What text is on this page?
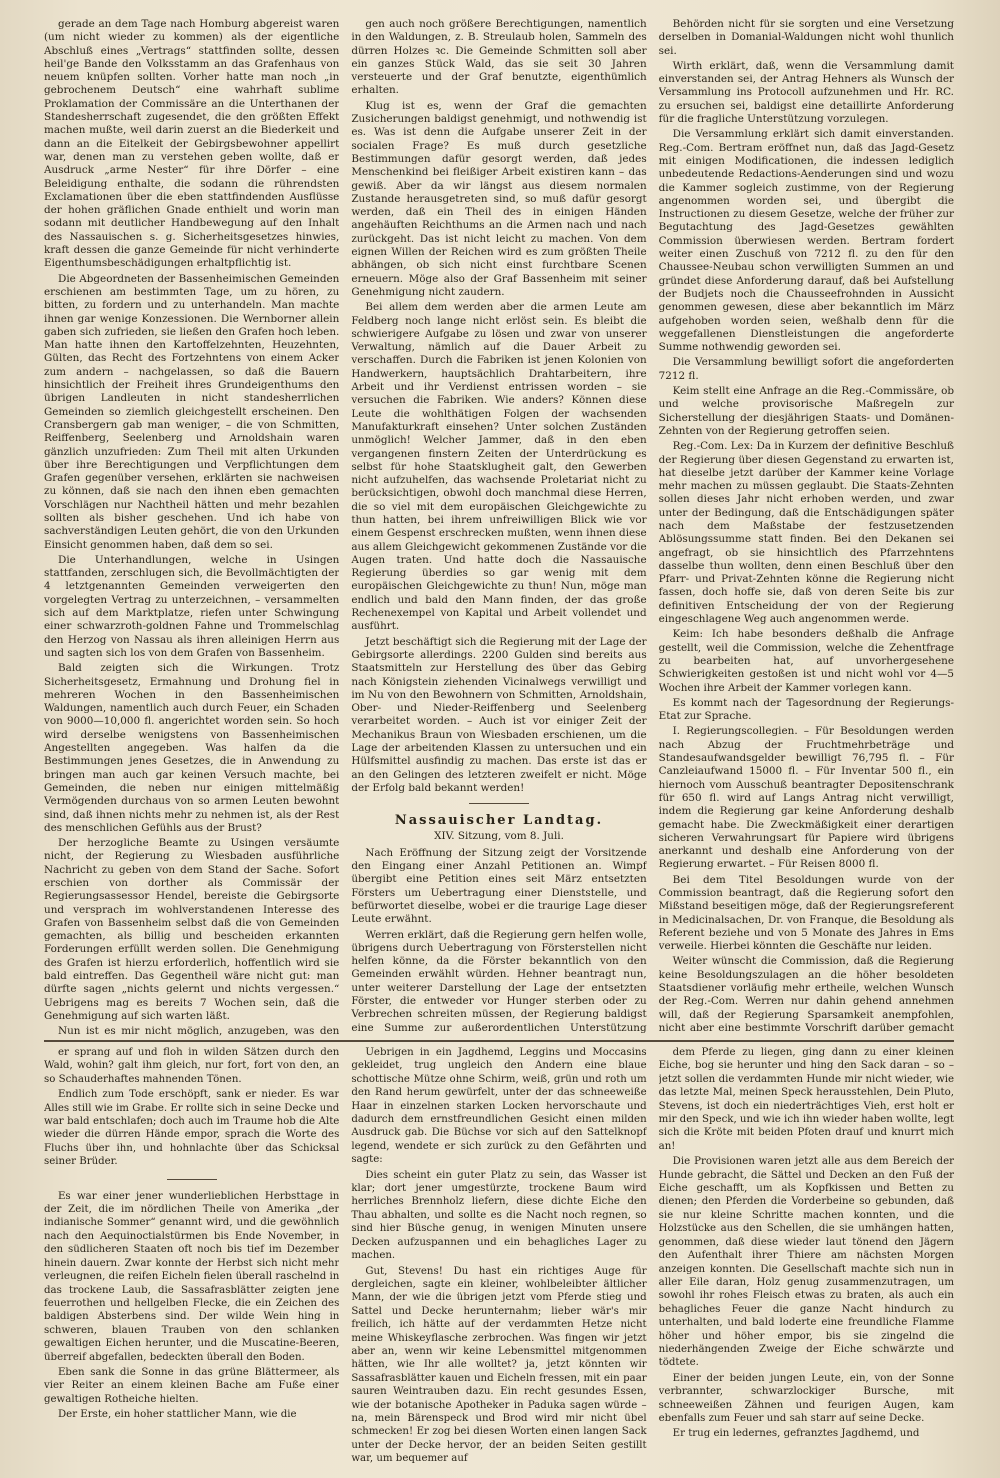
gerade an dem Tage nach Homburg abgereist waren (um nicht wieder zu kommen) als der eigentliche Abschluß eines „Vertrags“ stattfinden sollte, dessen heil'ge Bande den Volksstamm an das Grafenhaus von neuem knüpfen sollten. Vorher hatte man noch „in gebrochenem Deutsch“ eine wahrhaft sublime Proklamation der Commissäre an die Unterthanen der Standesherrschaft zugesendet, die den größten Effekt machen mußte, weil darin zuerst an die Biederkeit und dann an die Eitelkeit der Gebirgsbewohner appellirt war, denen man zu verstehen geben wollte, daß er Ausdruck „arme Nester“ für ihre Dörfer – eine Beleidigung enthalte, die sodann die rührendsten Exclamationen über die eben stattfindenden Ausflüsse der hohen gräflichen Gnade enthielt und worin man sodann mit deutlicher Handbewegung auf den Inhalt des Nassauischen s. g. Sicherheitsgesetzes hinwies, kraft dessen die ganze Gemeinde für nicht verhinderte Eigenthumsbeschädigungen erhaltpflichtig ist.

Die Abgeordneten der Bassenheimischen Gemeinden erschienen am bestimmten Tage, um zu hören, zu bitten, zu fordern und zu unterhandeln. Man machte ihnen gar wenige Konzessionen. Die Wernborner allein gaben sich zufrieden, sie ließen den Grafen hoch leben. Man hatte ihnen den Kartoffelzehnten, Heuzehnten, Gülten, das Recht des Fortzehntens von einem Acker zum andern – nachgelassen, so daß die Bauern hinsichtlich der Freiheit ihres Grundeigenthums den übrigen Landleuten in nicht standesherrlichen Gemeinden so ziemlich gleichgestellt erscheinen. Den Cransbergern gab man weniger, – die von Schmitten, Reiffenberg, Seelenberg und Arnoldshain waren gänzlich unzufrieden: Zum Theil mit alten Urkunden über ihre Berechtigungen und Verpflichtungen dem Grafen gegenüber versehen, erklärten sie nachweisen zu können, daß sie nach den ihnen eben gemachten Vorschlägen nur Nachtheil hätten und mehr bezahlen sollten als bisher geschehen. Und ich habe von sachverständigen Leuten gehört, die von den Urkunden Einsicht genommen haben, daß dem so sei.

Die Unterhandlungen, welche in Usingen stattfanden, zerschlugen sich, die Bevollmächtigten der 4 letztgenannten Gemeinden verweigerten den vorgelegten Vertrag zu unterzeichnen, – versammelten sich auf dem Marktplatze, riefen unter Schwingung einer schwarzroth-goldnen Fahne und Trommelschlag den Herzog von Nassau als ihren alleinigen Herrn aus und sagten sich los von dem Grafen von Bassenheim.

Bald zeigten sich die Wirkungen. Trotz Sicherheitsgesetz, Ermahnung und Drohung fiel in mehreren Wochen in den Bassenheimischen Waldungen, namentlich auch durch Feuer, ein Schaden von 9000—10,000 fl. angerichtet worden sein. So hoch wird derselbe wenigstens von Bassenheimischen Angestellten angegeben. Was halfen da die Bestimmungen jenes Gesetzes, die in Anwendung zu bringen man auch gar keinen Versuch machte, bei Gemeinden, die neben nur einigen mittelmäßig Vermögenden durchaus von so armen Leuten bewohnt sind, daß ihnen nichts mehr zu nehmen ist, als der Rest des menschlichen Gefühls aus der Brust?

Der herzogliche Beamte zu Usingen versäumte nicht, der Regierung zu Wiesbaden ausführliche Nachricht zu geben von dem Stand der Sache. Sofort erschien von dorther als Commissär der Regierungsassessor Hendel, bereiste die Gebirgsorte und versprach im wohlverstandenen Interesse des Grafen von Bassenheim selbst daß die von Gemeinden gemachten, als billig und bescheiden erkannten Forderungen erfüllt werden sollen. Die Genehmigung des Grafen ist hierzu erforderlich, hoffentlich wird sie bald eintreffen. Das Gegentheil wäre nicht gut: man dürfte sagen „nichts gelernt und nichts vergessen.“ Uebrigens mag es bereits 7 Wochen sein, daß die Genehmigung auf sich warten läßt.

Nun ist es mir nicht möglich, anzugeben, was den

gen auch noch größere Berechtigungen, namentlich in den Waldungen, z. B. Streulaub holen, Sammeln des dürren Holzes ꝛc. Die Gemeinde Schmitten soll aber ein ganzes Stück Wald, das sie seit 30 Jahren versteuerte und der Graf benutzte, eigenthümlich erhalten.

Klug ist es, wenn der Graf die gemachten Zusicherungen baldigst genehmigt, und nothwendig ist es. Was ist denn die Aufgabe unserer Zeit in der socialen Frage? Es muß durch gesetzliche Bestimmungen dafür gesorgt werden, daß jedes Menschenkind bei fleißiger Arbeit existiren kann – das gewiß. Aber da wir längst aus diesem normalen Zustande herausgetreten sind, so muß dafür gesorgt werden, daß ein Theil des in einigen Händen angehäuften Reichthums an die Armen nach und nach zurückgeht. Das ist nicht leicht zu machen. Von dem eignen Willen der Reichen wird es zum größten Theile abhängen, ob sich nicht einst furchtbare Scenen erneuern. Möge also der Graf Bassenheim mit seiner Genehmigung nicht zaudern.

Bei allem dem werden aber die armen Leute am Feldberg noch lange nicht erlöst sein. Es bleibt die schwierigere Aufgabe zu lösen und zwar von unserer Verwaltung, nämlich auf die Dauer Arbeit zu verschaffen. Durch die Fabriken ist jenen Kolonien von Handwerkern, hauptsächlich Drahtarbeitern, ihre Arbeit und ihr Verdienst entrissen worden – sie versuchen die Fabriken. Wie anders? Können diese Leute die wohlthätigen Folgen der wachsenden Manufakturkraft einsehen? Unter solchen Zuständen unmöglich! Welcher Jammer, daß in den eben vergangenen finstern Zeiten der Unterdrückung es selbst für hohe Staatsklugheit galt, den Gewerben nicht aufzuhelfen, das wachsende Proletariat nicht zu berücksichtigen, obwohl doch manchmal diese Herren, die so viel mit dem europäischen Gleichgewichte zu thun hatten, bei ihrem unfreiwilligen Blick wie vor einem Gespenst erschrecken mußten, wenn ihnen diese aus allem Gleichgewicht gekommenen Zustände vor die Augen traten. Und hatte doch die Nassauische Regierung überdies so gar wenig mit dem europäischen Gleichgewichte zu thun! Nun, möge man endlich und bald den Mann finden, der das große Rechenexempel von Kapital und Arbeit vollendet und ausführt.

Jetzt beschäftigt sich die Regierung mit der Lage der Gebirgsorte allerdings. 2200 Gulden sind bereits aus Staatsmitteln zur Herstellung des über das Gebirg nach Königstein ziehenden Vicinalwegs verwilligt und im Nu von den Bewohnern von Schmitten, Arnoldshain, Ober- und Nieder-Reiffenberg und Seelenberg verarbeitet worden. – Auch ist vor einiger Zeit der Mechanikus Braun von Wiesbaden erschienen, um die Lage der arbeitenden Klassen zu untersuchen und ein Hülfsmittel ausfindig zu machen. Das erste ist das er an den Gelingen des letzteren zweifelt er nicht. Möge der Erfolg bald bekannt werden!

Nassauischer Landtag.
XIV. Sitzung, vom 8. Juli.

Nach Eröffnung der Sitzung zeigt der Vorsitzende den Eingang einer Anzahl Petitionen an. Wimpf übergibt eine Petition eines seit März entsetzten Försters um Uebertragung einer Dienststelle, und befürwortet dieselbe, wobei er die traurige Lage dieser Leute erwähnt.

Werren erklärt, daß die Regierung gern helfen wolle, übrigens durch Uebertragung von Försterstellen nicht helfen könne, da die Förster bekanntlich von den Gemeinden erwählt würden. Hehner beantragt nun, unter weiterer Darstellung der Lage der entsetzten Förster, die entweder vor Hunger sterben oder zu Verbrechen schreiten müssen, der Regierung baldigst eine Summe zur außerordentlichen Unterstützung

Behörden nicht für sie sorgten und eine Versetzung derselben in Domanial-Waldungen nicht wohl thunlich sei.

Wirth erklärt, daß, wenn die Versammlung damit einverstanden sei, der Antrag Hehners als Wunsch der Versammlung ins Protocoll aufzunehmen und Hr. RC. zu ersuchen sei, baldigst eine detaillirte Anforderung für die fragliche Unterstützung vorzulegen.

Die Versammlung erklärt sich damit einverstanden. Reg.-Com. Bertram eröffnet nun, daß das Jagd-Gesetz mit einigen Modificationen, die indessen lediglich unbedeutende Redactions-Aenderungen sind und wozu die Kammer sogleich zustimme, von der Regierung angenommen worden sei, und übergibt die Instructionen zu diesem Gesetze, welche der früher zur Begutachtung des Jagd-Gesetzes gewählten Commission überwiesen werden. Bertram fordert weiter einen Zuschuß von 7212 fl. zu den für den Chaussee-Neubau schon verwilligten Summen an und gründet diese Anforderung darauf, daß bei Aufstellung der Budjets noch die Chausseefrohnden in Aussicht genommen gewesen, diese aber bekanntlich im März aufgehoben worden seien, weßhalb denn für die weggefallenen Dienstleistungen die angeforderte Summe nothwendig geworden sei.

Die Versammlung bewilligt sofort die angeforderten 7212 fl.

Keim stellt eine Anfrage an die Reg.-Commissäre, ob und welche provisorische Maßregeln zur Sicherstellung der diesjährigen Staats- und Domänen-Zehnten von der Regierung getroffen seien.

Reg.-Com. Lex: Da in Kurzem der definitive Beschluß der Regierung über diesen Gegenstand zu erwarten ist, hat dieselbe jetzt darüber der Kammer keine Vorlage mehr machen zu müssen geglaubt. Die Staats-Zehnten sollen dieses Jahr nicht erhoben werden, und zwar unter der Bedingung, daß die Entschädigungen später nach dem Maßstabe der festzusetzenden Ablösungssumme statt finden. Bei den Dekanen sei angefragt, ob sie hinsichtlich des Pfarrzehntens dasselbe thun wollten, denn einen Beschluß über den Pfarr- und Privat-Zehnten könne die Regierung nicht fassen, doch hoffe sie, daß von deren Seite bis zur definitiven Entscheidung der von der Regierung eingeschlagene Weg auch angenommen werde.

Keim: Ich habe besonders deßhalb die Anfrage gestellt, weil die Commission, welche die Zehentfrage zu bearbeiten hat, auf unvorhergesehene Schwierigkeiten gestoßen ist und nicht wohl vor 4—5 Wochen ihre Arbeit der Kammer vorlegen kann.

Es kommt nach der Tagesordnung der Regierungs-Etat zur Sprache.

I. Regierungscollegien. – Für Besoldungen werden nach Abzug der Fruchtmehrbeträge und Standesaufwandsgelder bewilligt 76,795 fl. – Für Canzleiaufwand 15000 fl. – Für Inventar 500 fl., ein hiernoch vom Ausschuß beantragter Depositenschrank für 650 fl. wird auf Langs Antrag nicht verwilligt, indem die Regierung gar keine Anforderung deshalb gemacht habe. Die Zweckmäßigkeit einer derartigen sicheren Verwahrungsart für Papiere wird übrigens anerkannt und deshalb eine Anforderung von der Regierung erwartet. – Für Reisen 8000 fl.

Bei dem Titel Besoldungen wurde von der Commission beantragt, daß die Regierung sofort den Mißstand beseitigen möge, daß der Regierungsreferent in Medicinalsachen, Dr. von Franque, die Besoldung als Referent beziehe und von 5 Monate des Jahres in Ems verweile. Hierbei könnten die Geschäfte nur leiden.

Weiter wünscht die Commission, daß die Regierung keine Besoldungszulagen an die höher besoldeten Staatsdiener vorläufig mehr ertheile, welchen Wunsch der Reg.-Com. Werren nur dahin gehend annehmen will, daß der Regierung Sparsamkeit anempfohlen, nicht aber eine bestimmte Vorschrift darüber gemacht

er sprang auf und floh in wilden Sätzen durch den Wald, wohin? galt ihm gleich, nur fort, fort von den, an so Schauderhaftes mahnenden Tönen.

Endlich zum Tode erschöpft, sank er nieder. Es war Alles still wie im Grabe. Er rollte sich in seine Decke und war bald entschlafen; doch auch im Traume hob die Alte wieder die dürren Hände empor, sprach die Worte des Fluchs über ihn, und hohnlachte über das Schicksal seiner Brüder.

Es war einer jener wunderlieblichen Herbsttage in der Zeit, die im nördlichen Theile von Amerika „der indianische Sommer“ genannt wird, und die gewöhnlich nach den Aequinoctialstürmen bis Ende November, in den südlicheren Staaten oft noch bis tief im Dezember hinein dauern. Zwar konnte der Herbst sich nicht mehr verleugnen, die reifen Eicheln fielen überall raschelnd in das trockene Laub, die Sassafrasblätter zeigten jene feuerrothen und hellgelben Flecke, die ein Zeichen des baldigen Absterbens sind. Der wilde Wein hing in schweren, blauen Trauben von den schlanken gewaltigen Eichen herunter, und die Muscatine-Beeren, überreif abgefallen, bedeckten überall den Boden.

Eben sank die Sonne in das grüne Blättermeer, als vier Reiter an einem kleinen Bache am Fuße einer gewaltigen Rotheiche hielten.

Der Erste, ein hoher stattlicher Mann, wie die

Uebrigen in ein Jagdhemd, Leggins und Moccasins gekleidet, trug ungleich den Andern eine blaue schottische Mütze ohne Schirm, weiß, grün und roth um den Rand herum gewürfelt, unter der das schneeweiße Haar in einzelnen starken Locken hervorschaute und dadurch dem ernstfreundlichen Gesicht einen milden Ausdruck gab. Die Büchse vor sich auf den Sattelknopf legend, wendete er sich zurück zu den Gefährten und sagte:

Dies scheint ein guter Platz zu sein, das Wasser ist klar; dort jener umgestürzte, trockene Baum wird herrliches Brennholz liefern, diese dichte Eiche den Thau abhalten, und sollte es die Nacht noch regnen, so sind hier Büsche genug, in wenigen Minuten unsere Decken aufzuspannen und ein behagliches Lager zu machen.

Gut, Stevens! Du hast ein richtiges Auge für dergleichen, sagte ein kleiner, wohlbeleibter ältlicher Mann, der wie die übrigen jetzt vom Pferde stieg und Sattel und Decke herunternahm; lieber wär's mir freilich, ich hätte auf der verdammten Hetze nicht meine Whiskeyflasche zerbrochen. Was fingen wir jetzt aber an, wenn wir keine Lebensmittel mitgenommen hätten, wie Ihr alle wolltet? ja, jetzt könnten wir Sassafrasblätter kauen und Eicheln fressen, mit ein paar sauren Weintrauben dazu. Ein recht gesundes Essen, wie der botanische Apotheker in Paduka sagen würde – na, mein Bärenspeck und Brod wird mir nicht übel schmecken! Er zog bei diesen Worten einen langen Sack unter der Decke hervor, der an beiden Seiten gestillt war, um bequemer auf

dem Pferde zu liegen, ging dann zu einer kleinen Eiche, bog sie herunter und hing den Sack daran – so – jetzt sollen die verdammten Hunde mir nicht wieder, wie das letzte Mal, meinen Speck herausstehlen, Dein Pluto, Stevens, ist doch ein niederträchtiges Vieh, erst holt er mir den Speck, und wie ich ihn wieder haben wollte, legt sich die Kröte mit beiden Pfoten drauf und knurrt mich an!

Die Provisionen waren jetzt alle aus dem Bereich der Hunde gebracht, die Sättel und Decken an den Fuß der Eiche geschafft, um als Kopfkissen und Betten zu dienen; den Pferden die Vorderbeine so gebunden, daß sie nur kleine Schritte machen konnten, und die Holzstücke aus den Schellen, die sie umhängen hatten, genommen, daß diese wieder laut tönend den Jägern den Aufenthalt ihrer Thiere am nächsten Morgen anzeigen konnten. Die Gesellschaft machte sich nun in aller Eile daran, Holz genug zusammenzutragen, um sowohl ihr rohes Fleisch etwas zu braten, als auch ein behagliches Feuer die ganze Nacht hindurch zu unterhalten, und bald loderte eine freundliche Flamme höher und höher empor, bis sie zingelnd die niederhängenden Zweige der Eiche schwärzte und tödtete.

Einer der beiden jungen Leute, ein, von der Sonne verbrannter, schwarzlockiger Bursche, mit schneeweißen Zähnen und feurigen Augen, kam ebenfalls zum Feuer und sah starr auf seine Decke.

Er trug ein ledernes, gefranztes Jagdhemd, und
